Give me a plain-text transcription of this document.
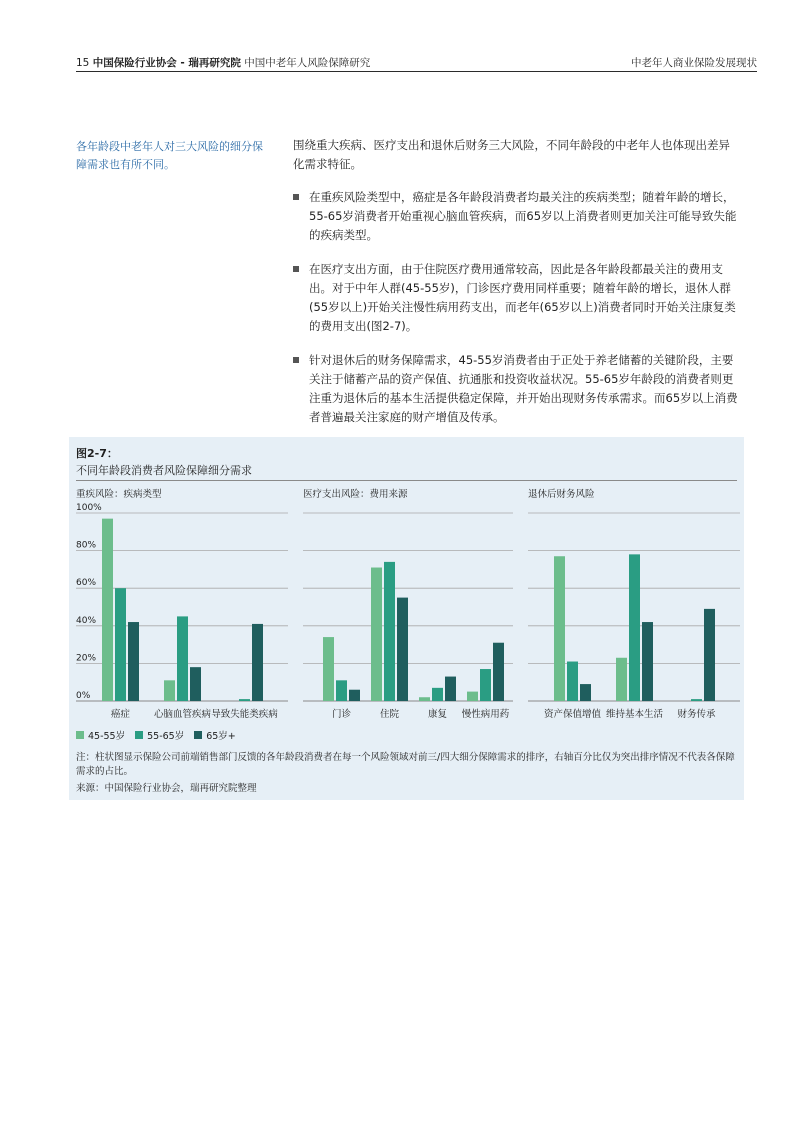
15 中国保险行业协会 - 瑞再研究院 中国中老年人风险保障研究	中老年人商业保险发展现状
各年龄段中老年人对三大风险的细分保障需求也有所不同。

围绕重大疾病、医疗支出和退休后财务三大风险，不同年龄段的中老年人也体现出差异化需求特征。

在重疾风险类型中，癌症是各年龄段消费者均最关注的疾病类型；随着年龄的增长，55-65岁消费者开始重视心脑血管疾病，而65岁以上消费者则更加关注可能导致失能的疾病类型。
在医疗支出方面，由于住院医疗费用通常较高，因此是各年龄段都最关注的费用支出。对于中年人群(45-55岁)，门诊医疗费用同样重要；随着年龄的增长，退休人群(55岁以上)开始关注慢性病用药支出，而老年(65岁以上)消费者同时开始关注康复类的费用支出(图2-7)。
针对退休后的财务保障需求，45-55岁消费者由于正处于养老储蓄的关键阶段，主要关注于储蓄产品的资产保值、抗通胀和投资收益状况。55-65岁年龄段的消费者则更注重为退休后的基本生活提供稳定保障，并开始出现财务传承需求。而65岁以上消费者普遍最关注家庭的财产增值及传承。
图2-7：
不同年龄段消费者风险保障细分需求
0%
20%
40%
60%
80%
100%
重疾风险：疾病类型
癌症	心脑血管疾病 导致失能类疾病
医疗支出风险：费用来源
门诊	住院	康复 慢性病用药
退休后财务风险
资产保值增值 维持基本生活 财务传承
45-55岁 55-65岁 65岁+
注：柱状图显示保险公司前端销售部门反馈的各年龄段消费者在每一个风险领域对前三/四大细分保障需求的排序，右轴百分比仅为突出排序情况不代表各保障需求的占比。
来源：中国保险行业协会，瑞再研究院整理
